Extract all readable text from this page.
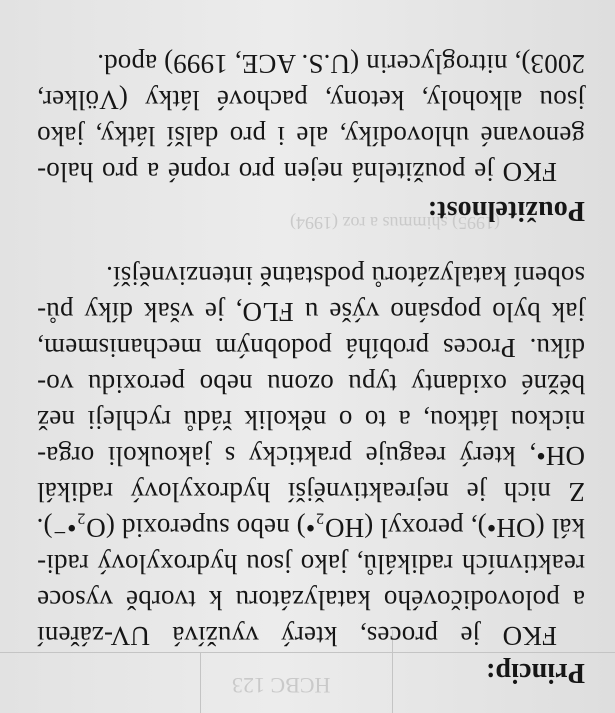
HCBC 123
(1995) shimmus a roz (1994)
Princip:
FKO je proces, který využívá UV-záření
a polovodičového katalyzátoru k tvorbě vysoce
reaktivních radikálů, jako jsou hydroxylový radi-
kál (OH•), peroxyl (HO₂•) nebo superoxid (O₂•⁻).
Z nich je nejreaktivnější hydroxylový radikál
OH•, který reaguje prakticky s jakoukoli orga-
nickou látkou, a to o několik řádů rychleji než
běžné oxidanty typu ozonu nebo peroxidu vo-
díku. Proces probíhá podobným mechanismem,
jak bylo popsáno výše u FLO, je však díky pů-
sobení katalyzátorů podstatně intenzivnější.
Použitelnost:
FKO je použitelná nejen pro ropné a pro halo-
genované uhlovodíky, ale i pro další látky, jako
jsou alkoholy, ketony, pachové látky (Völker,
2003), nitroglycerin (U.S. ACE, 1999) apod.
